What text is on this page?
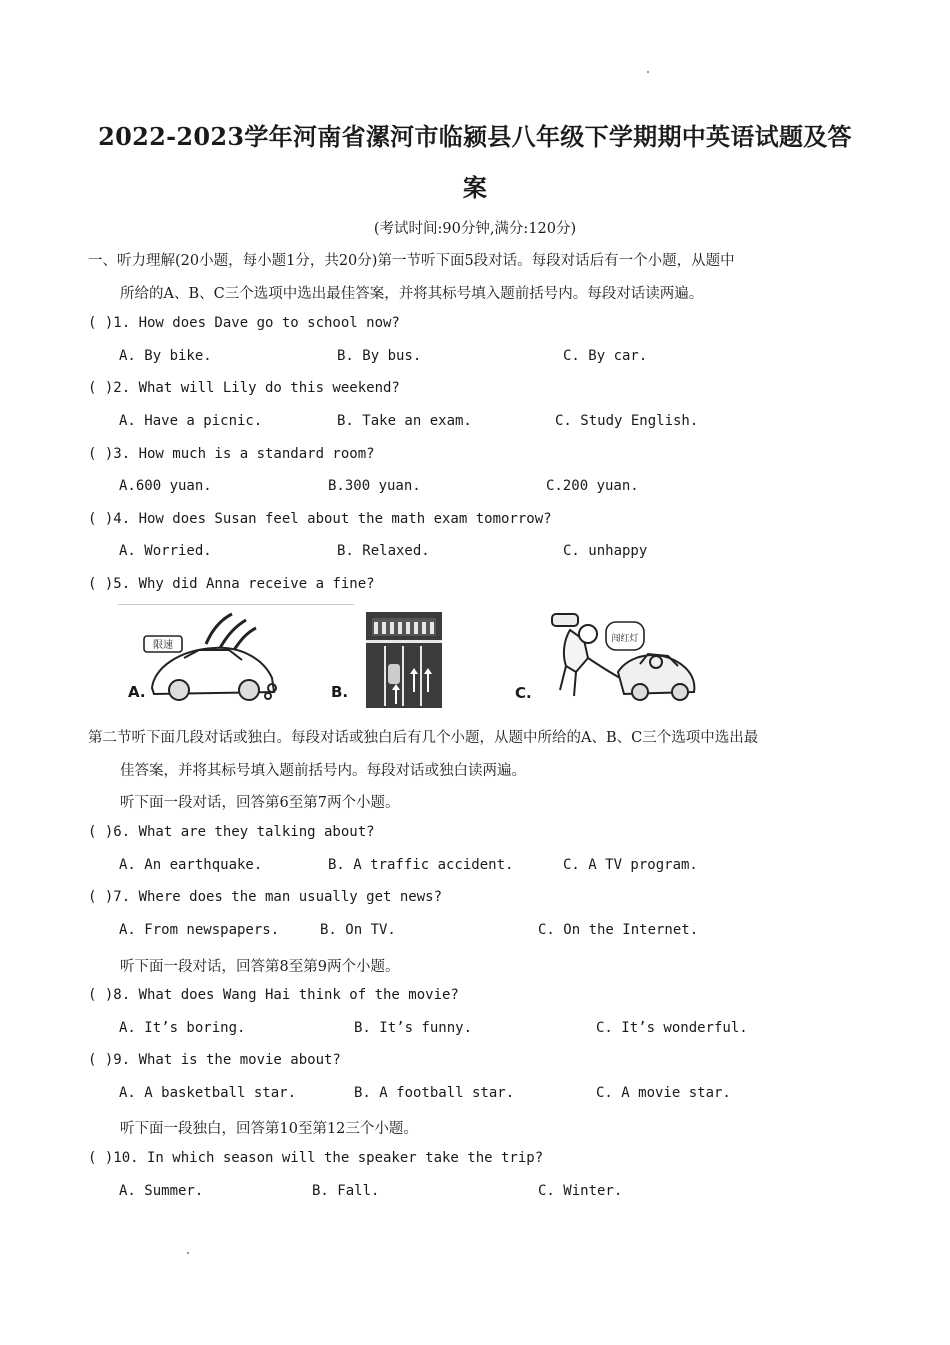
2022-2023学年河南省漯河市临颍县八年级下学期期中英语试题及答
案
(考试时间:90分钟,满分:120分)
一、听力理解(20小题，每小题1分，共20分)第一节听下面5段对话。每段对话后有一个小题，从题中
所给的A、B、C三个选项中选出最佳答案，并将其标号填入题前括号内。每段对话读两遍。
( )1. How does Dave go to school now?
A. By bike.	B. By bus.	C. By car.
( )2. What will Lily do this weekend?
A. Have a picnic.	B. Take an exam.	C. Study English.
( )3. How much is a standard room?
A.600 yuan.	B.300 yuan.	C.200 yuan.
( )4. How does Susan feel about the math exam tomorrow?
A. Worried.	B. Relaxed.	C. unhappy
( )5. Why did Anna receive a fine?
限速
A.	B.
闯红灯
C.
第二节听下面几段对话或独白。每段对话或独白后有几个小题，从题中所给的A、B、C三个选项中选出最
佳答案，并将其标号填入题前括号内。每段对话或独白读两遍。
听下面一段对话，回答第6至第7两个小题。
( )6. What are they talking about?
A. An earthquake.	B. A traffic accident.	C. A TV program.
( )7. Where does the man usually get news?
A. From newspapers.	B. On TV.	C. On the Internet.
听下面一段对话，回答第8至第9两个小题。
( )8. What does Wang Hai think of the movie?
A. It’s boring.	B. It’s funny.	C. It’s wonderful.
( )9. What is the movie about?
A. A basketball star.	B. A football star.	C. A movie star.
听下面一段独白，回答第10至第12三个小题。
( )10. In which season will the speaker take the trip?
A. Summer.	B. Fall.	C. Winter.
